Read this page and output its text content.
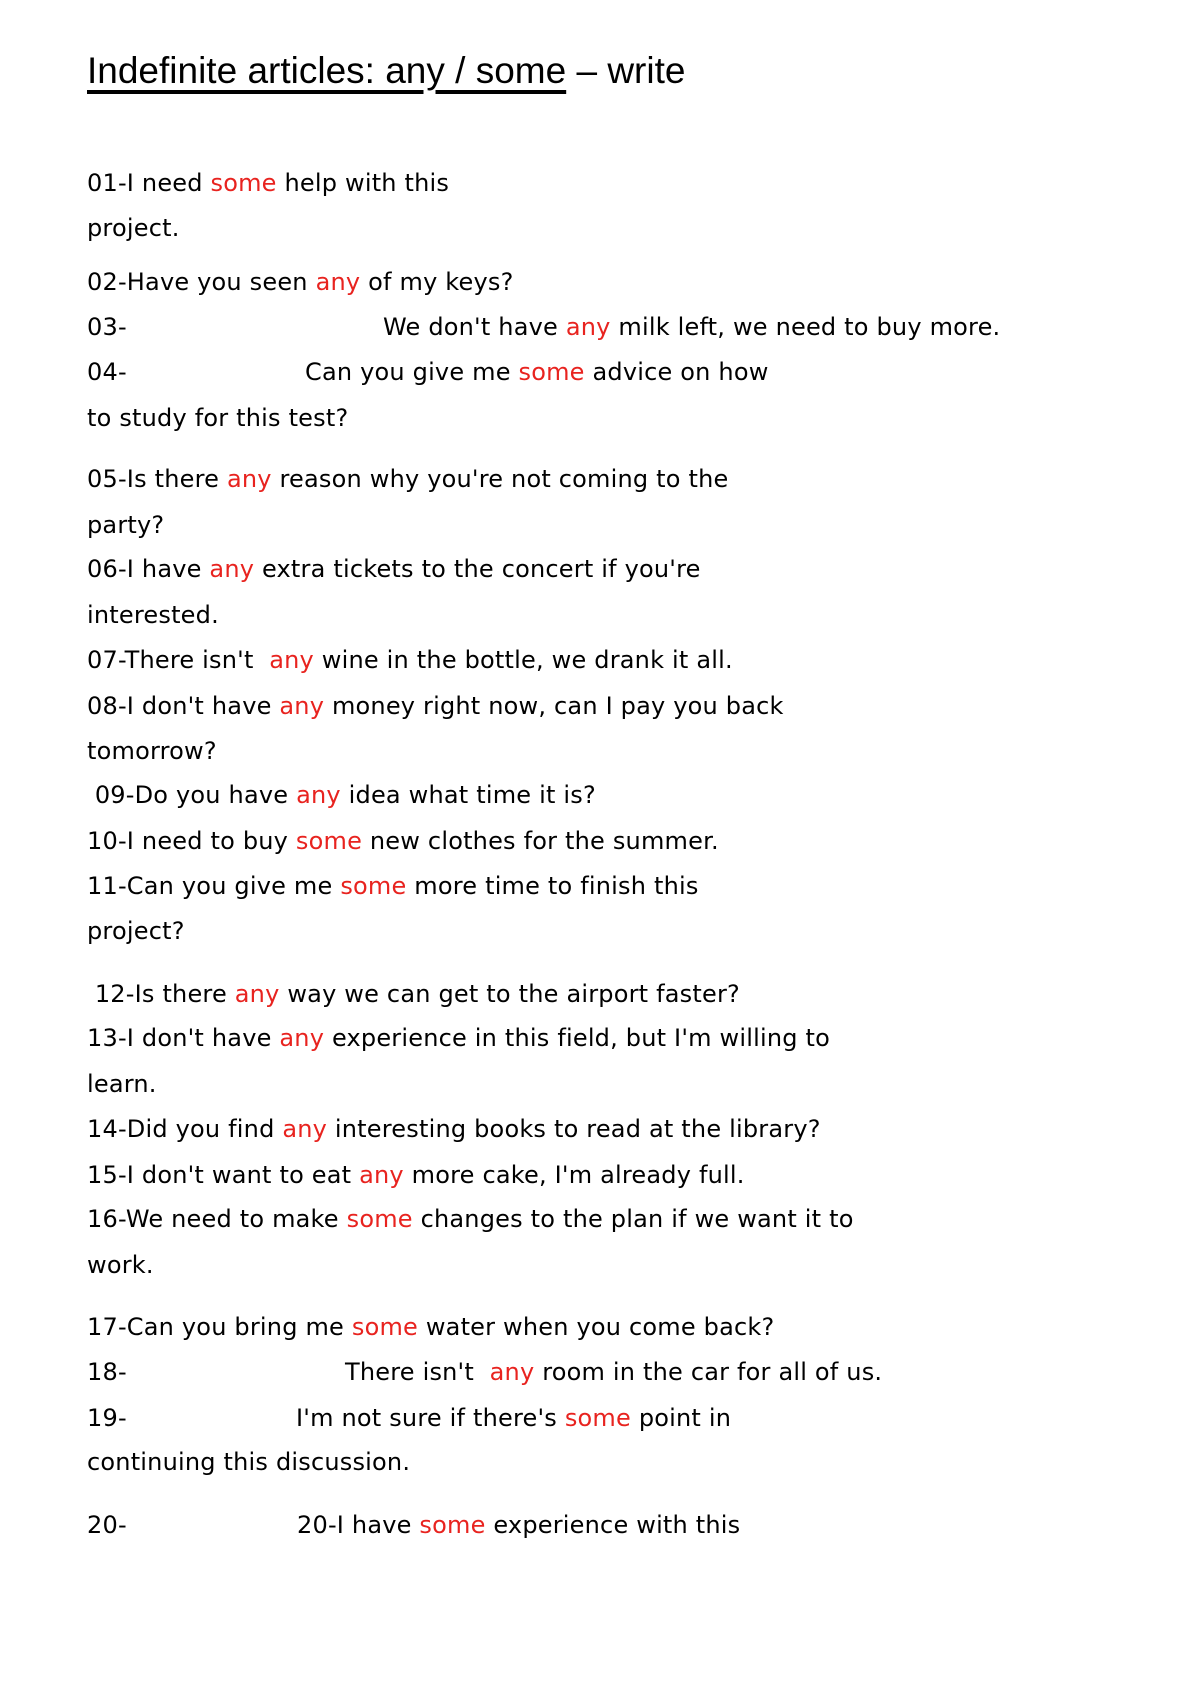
Indefinite articles: any / some – write
01-I need some help with this
project.
02-Have you seen any of my keys?
03-	We don't have any milk left, we need to buy more.
04-	Can you give me some advice on how
to study for this test?
05-Is there any reason why you're not coming to the
party?
06-I have any extra tickets to the concert if you're
interested.
07-There isn't  any wine in the bottle, we drank it all.
08-I don't have any money right now, can I pay you back
tomorrow?
09-Do you have any idea what time it is?
10-I need to buy some new clothes for the summer.
11-Can you give me some more time to finish this
project?
12-Is there any way we can get to the airport faster?
13-I don't have any experience in this field, but I'm willing to
learn.
14-Did you find any interesting books to read at the library?
15-I don't want to eat any more cake, I'm already full.
16-We need to make some changes to the plan if we want it to
work.
17-Can you bring me some water when you come back?
18-	There isn't  any room in the car for all of us.
19-	I'm not sure if there's some point in
continuing this discussion.
20-	20-I have some experience with this
